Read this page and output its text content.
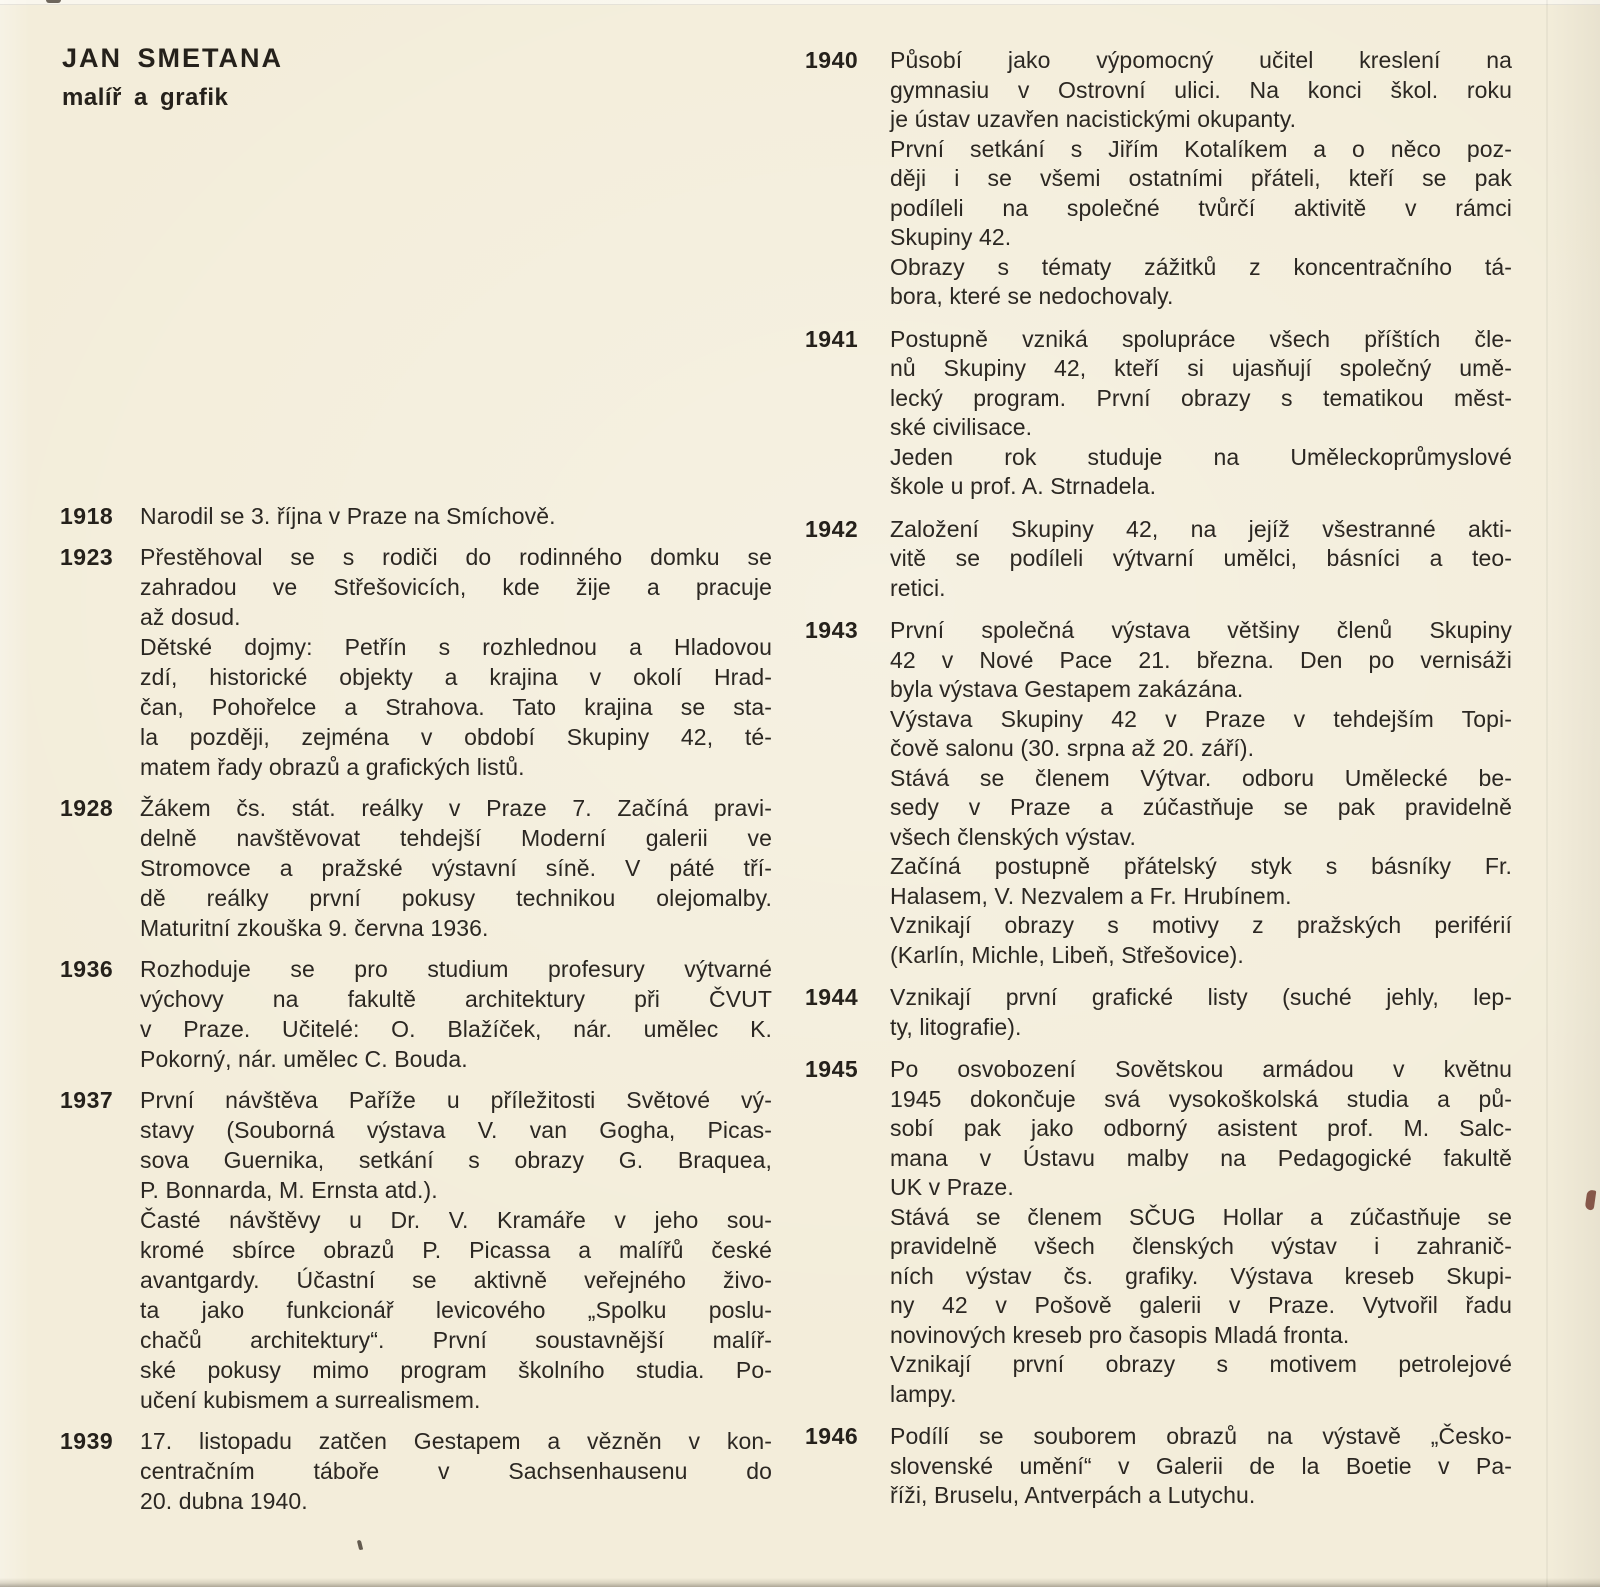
JAN SMETANA
malíř a grafik
1918	Narodil se 3. října v Praze na Smíchově.

1923	Přestěhoval se s rodiči do rodinného domku se
zahradou ve Střešovicích, kde žije a pracuje
až dosud.

Dětské dojmy: Petřín s rozhlednou a Hladovou
zdí, historické objekty a krajina v okolí Hrad-
čan, Pohořelce a Strahova. Tato krajina se sta-
la později, zejména v období Skupiny 42, té-
matem řady obrazů a grafických listů.

1928	Žákem čs. stát. reálky v Praze 7. Začíná pravi-
delně navštěvovat tehdejší Moderní galerii ve
Stromovce a pražské výstavní síně. V páté tří-
dě reálky první pokusy technikou olejomalby.
Maturitní zkouška 9. června 1936.

1936	Rozhoduje se pro studium profesury výtvarné
výchovy na fakultě architektury při ČVUT
v Praze. Učitelé: O. Blažíček, nár. umělec K.
Pokorný, nár. umělec C. Bouda.

1937	První návštěva Paříže u příležitosti Světové vý-
stavy (Souborná výstava V. van Gogha, Picas-
sova Guernika, setkání s obrazy G. Braquea,
P. Bonnarda, M. Ernsta atd.).

Časté návštěvy u Dr. V. Kramáře v jeho sou-
kromé sbírce obrazů P. Picassa a malířů české
avantgardy. Účastní se aktivně veřejného živo-
ta jako funkcionář levicového „Spolku poslu-
chačů architektury“. První soustavnější malíř-
ské pokusy mimo program školního studia. Po-
učení kubismem a surrealismem.

1939	17. listopadu zatčen Gestapem a vězněn v kon-
centračním táboře v Sachsenhausenu do
20. dubna 1940.

1940	Působí jako výpomocný učitel kreslení na
gymnasiu v Ostrovní ulici. Na konci škol. roku
je ústav uzavřen nacistickými okupanty.

První setkání s Jiřím Kotalíkem a o něco poz-
ději i se všemi ostatními přáteli, kteří se pak
podíleli na společné tvůrčí aktivitě v rámci
Skupiny 42.

Obrazy s tématy zážitků z koncentračního tá-
bora, které se nedochovaly.

1941	Postupně vzniká spolupráce všech příštích čle-
nů Skupiny 42, kteří si ujasňují společný umě-
lecký program. První obrazy s tematikou měst-
ské civilisace.

Jeden rok studuje na Uměleckoprůmyslové
škole u prof. A. Strnadela.

1942	Založení Skupiny 42, na jejíž všestranné akti-
vitě se podíleli výtvarní umělci, básníci a teo-
retici.

1943	První společná výstava většiny členů Skupiny
42 v Nové Pace 21. března. Den po vernisáži
byla výstava Gestapem zakázána.

Výstava Skupiny 42 v Praze v tehdejším Topi-
čově salonu (30. srpna až 20. září).

Stává se členem Výtvar. odboru Umělecké be-
sedy v Praze a zúčastňuje se pak pravidelně
všech členských výstav.

Začíná postupně přátelský styk s básníky Fr.
Halasem, V. Nezvalem a Fr. Hrubínem.

Vznikají obrazy s motivy z pražských periférií
(Karlín, Michle, Libeň, Střešovice).

1944	Vznikají první grafické listy (suché jehly, lep-
ty, litografie).

1945	Po osvobození Sovětskou armádou v květnu
1945 dokončuje svá vysokoškolská studia a pů-
sobí pak jako odborný asistent prof. M. Salc-
mana v Ústavu malby na Pedagogické fakultě
UK v Praze.

Stává se členem SČUG Hollar a zúčastňuje se
pravidelně všech členských výstav i zahranič-
ních výstav čs. grafiky. Výstava kreseb Skupi-
ny 42 v Pošově galerii v Praze. Vytvořil řadu
novinových kreseb pro časopis Mladá fronta.

Vznikají první obrazy s motivem petrolejové
lampy.

1946	Podílí se souborem obrazů na výstavě „Česko-
slovenské umění“ v Galerii de la Boetie v Pa-
říži, Bruselu, Antverpách a Lutychu.
